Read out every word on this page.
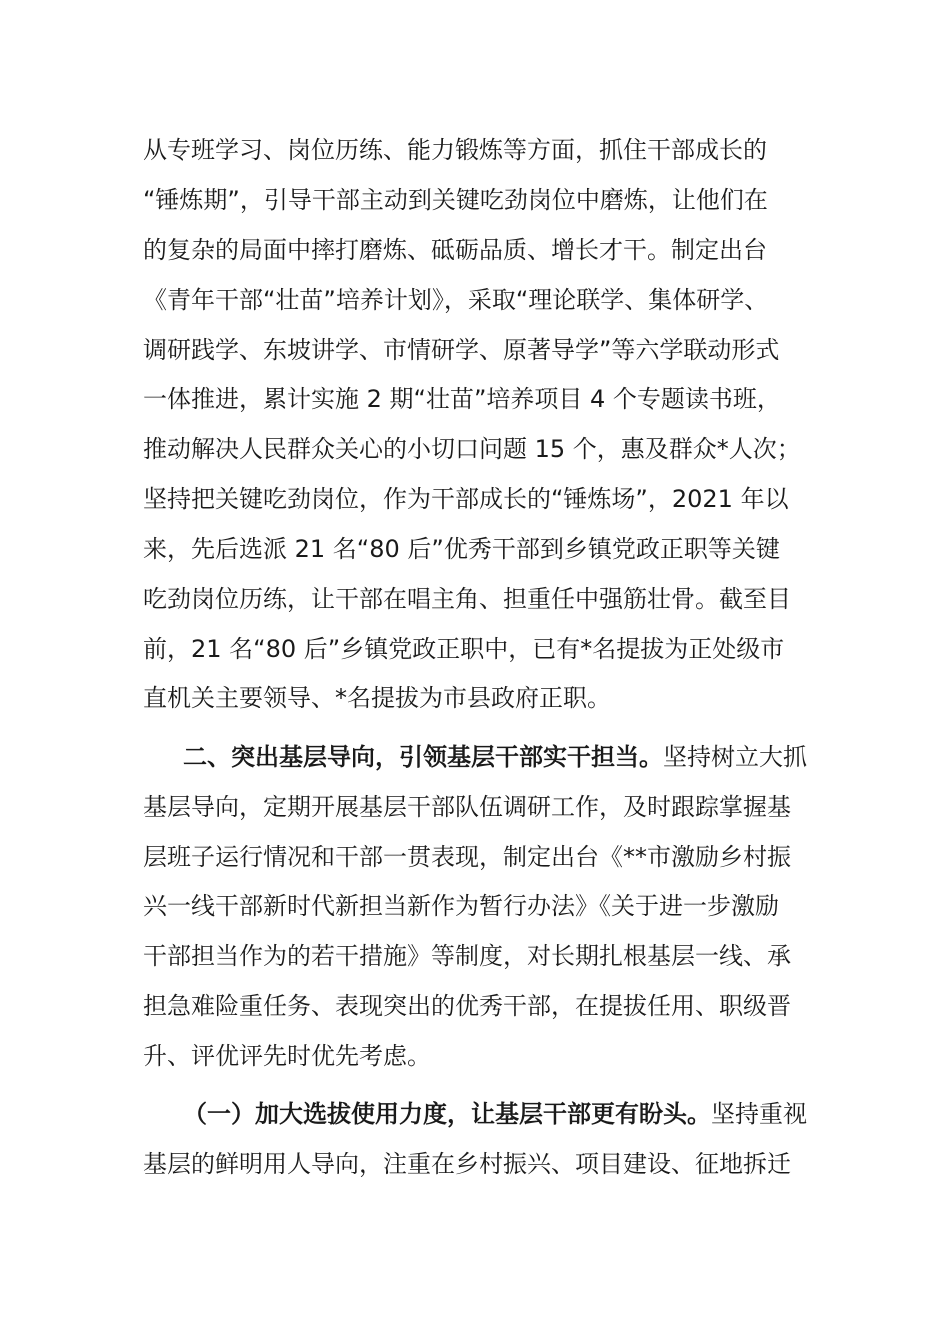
从专班学习、岗位历练、能力锻炼等方面，抓住干部成长的
“锤炼期”，引导干部主动到关键吃劲岗位中磨炼，让他们在
的复杂的局面中摔打磨炼、砥砺品质、增长才干。制定出台
《青年干部“壮苗”培养计划》，采取“理论联学、集体研学、
调研践学、东坡讲学、市情研学、原著导学”等六学联动形式
一体推进，累计实施 2 期“壮苗”培养项目 4 个专题读书班，
推动解决人民群众关心的小切口问题 15 个，惠及群众*人次；
坚持把关键吃劲岗位，作为干部成长的“锤炼场”，2021 年以
来，先后选派 21 名“80 后”优秀干部到乡镇党政正职等关键
吃劲岗位历练，让干部在唱主角、担重任中强筋壮骨。截至目
前，21 名“80 后”乡镇党政正职中，已有*名提拔为正处级市
直机关主要领导、*名提拔为市县政府正职。
二、突出基层导向，引领基层干部实干担当。坚持树立大抓
基层导向，定期开展基层干部队伍调研工作，及时跟踪掌握基
层班子运行情况和干部一贯表现，制定出台《**市激励乡村振
兴一线干部新时代新担当新作为暂行办法》《关于进一步激励
干部担当作为的若干措施》等制度，对长期扎根基层一线、承
担急难险重任务、表现突出的优秀干部，在提拔任用、职级晋
升、评优评先时优先考虑。
（一）加大选拔使用力度，让基层干部更有盼头。坚持重视
基层的鲜明用人导向，注重在乡村振兴、项目建设、征地拆迁
